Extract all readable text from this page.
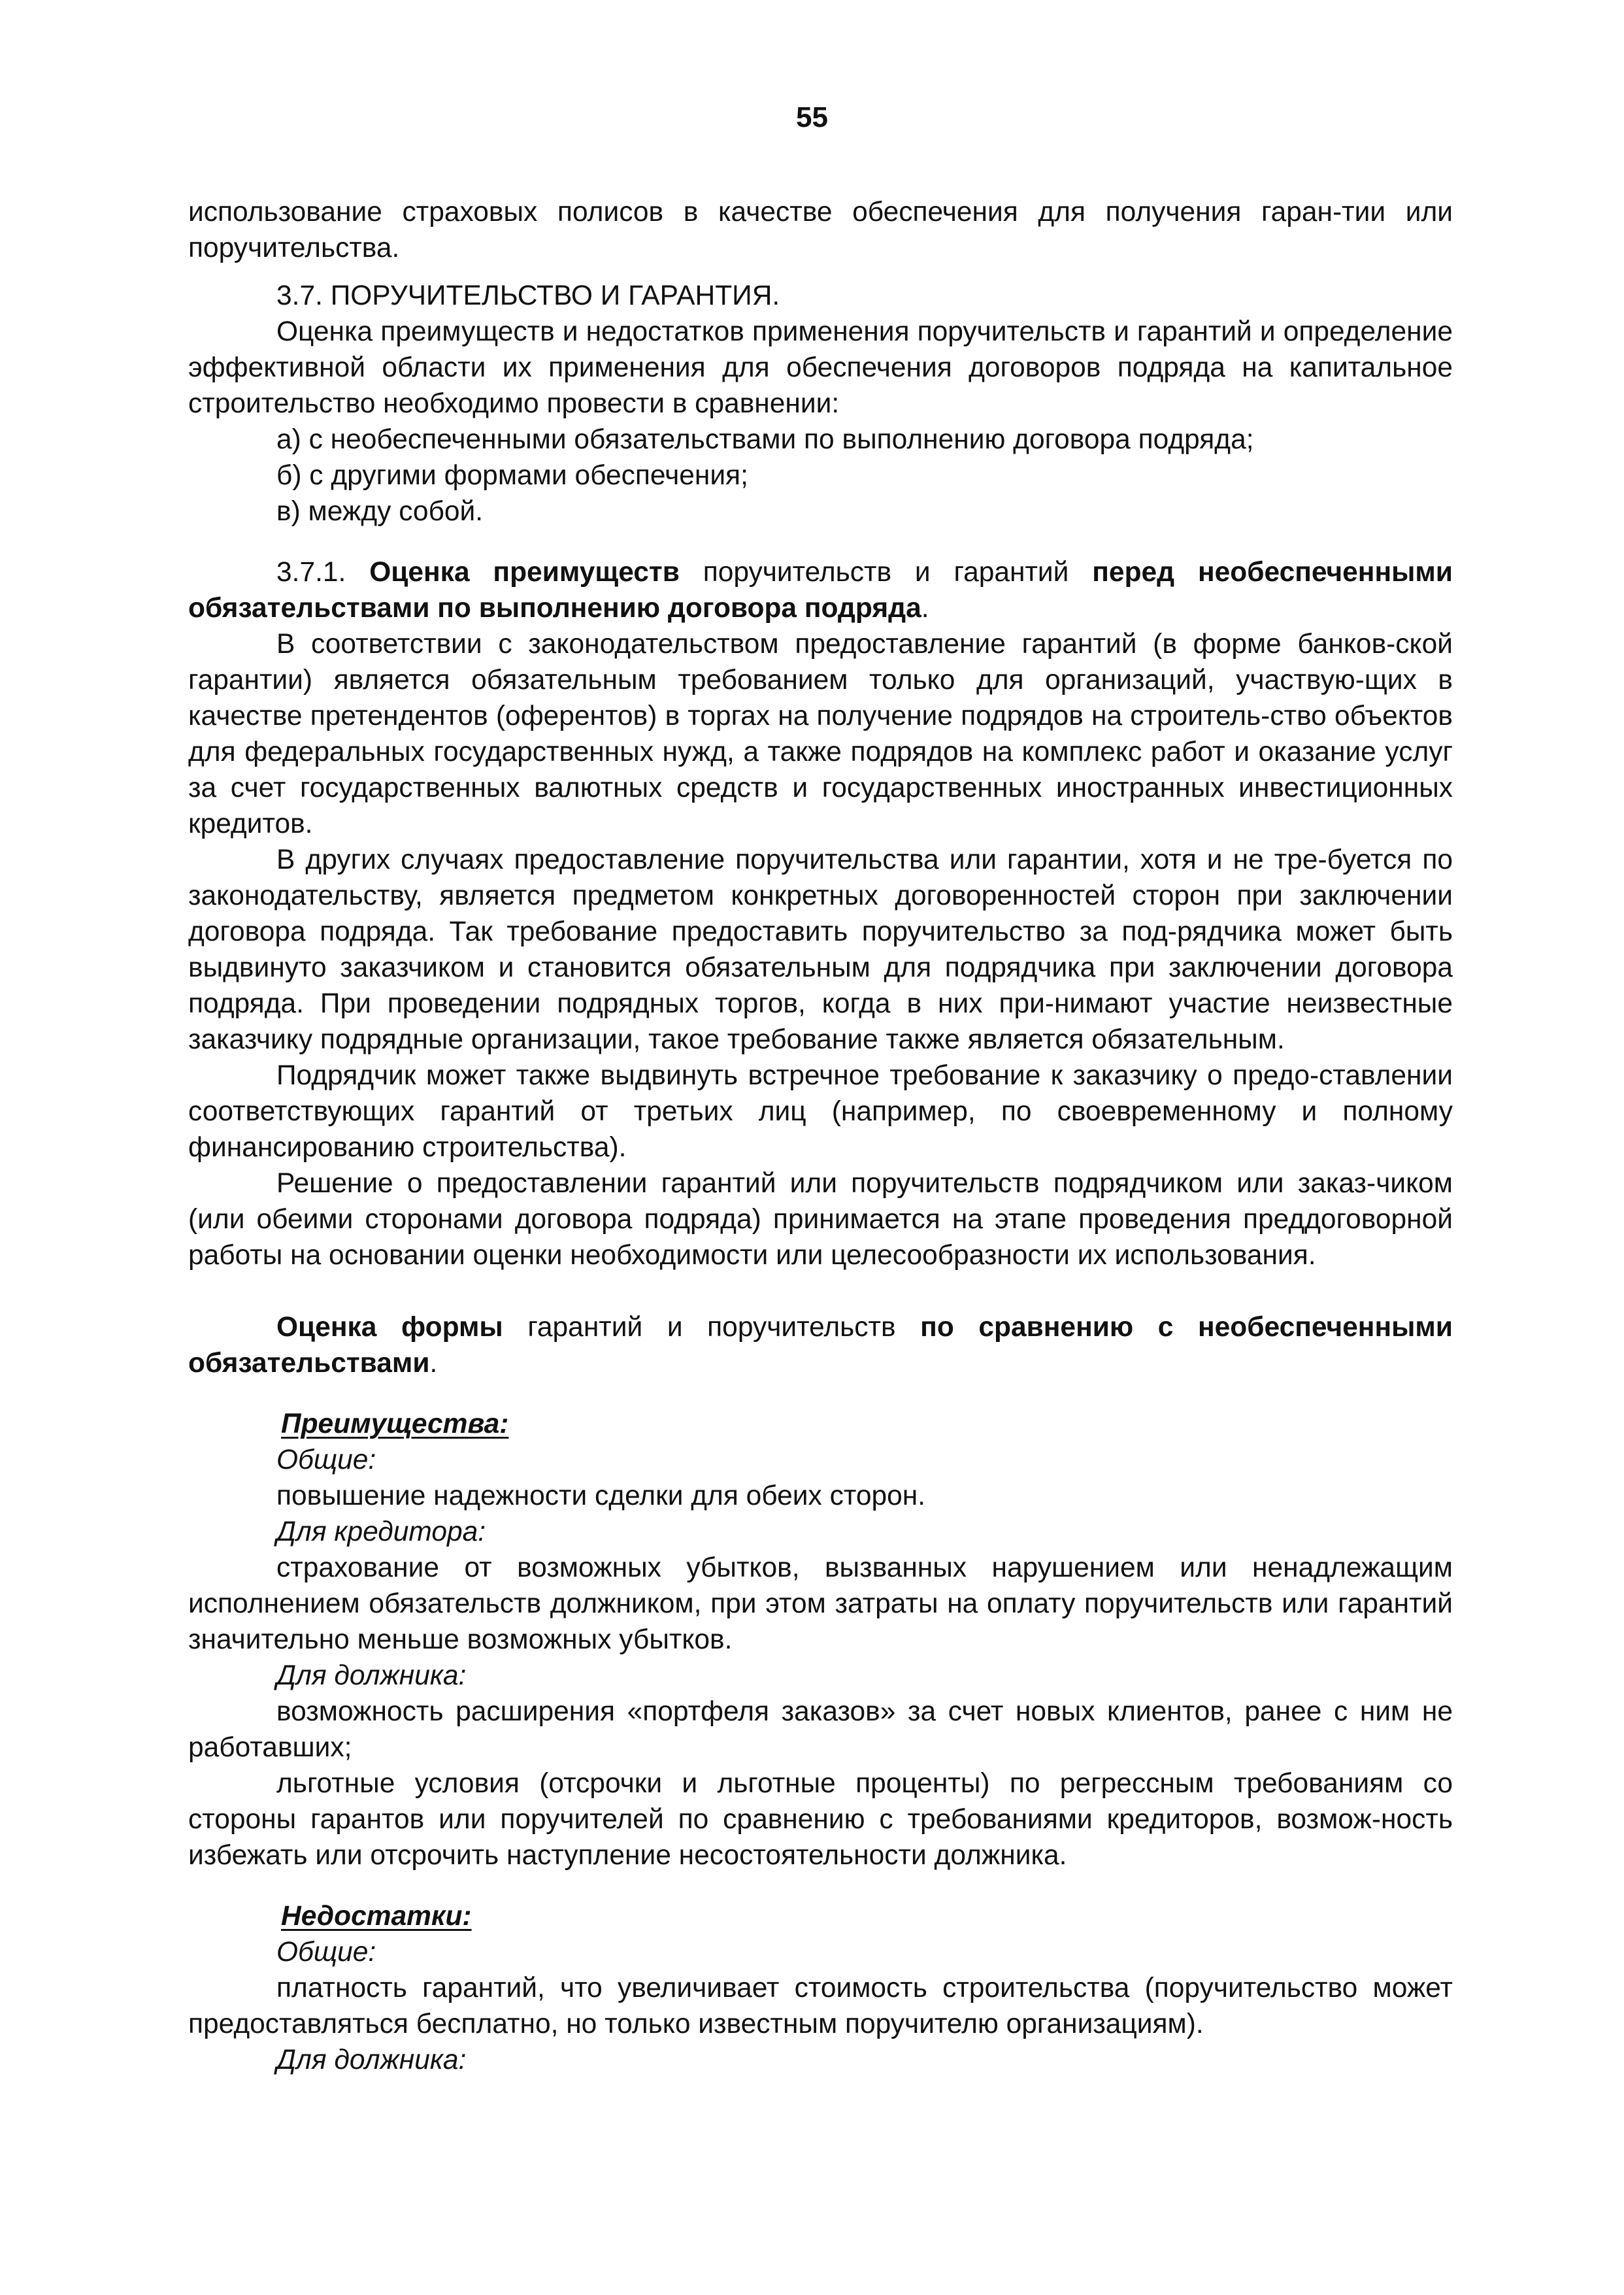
55

использование страховых полисов в качестве обеспечения для получения гаран-тии или поручительства.

3.7. ПОРУЧИТЕЛЬСТВО И ГАРАНТИЯ.

Оценка преимуществ и недостатков применения поручительств и гарантий и определение эффективной области их применения для обеспечения договоров подряда на капитальное строительство необходимо провести в сравнении:

а) с необеспеченными обязательствами по выполнению договора подряда;

б) с другими формами обеспечения;

в) между собой.

3.7.1. Оценка преимуществ поручительств и гарантий перед необеспеченными обязательствами по выполнению договора подряда.

В соответствии с законодательством предоставление гарантий (в форме банков-ской гарантии) является обязательным требованием только для организаций, участвую-щих в качестве претендентов (оферентов) в торгах на получение подрядов на строитель-ство объектов для федеральных государственных нужд, а также подрядов на комплекс работ и оказание услуг за счет государственных валютных средств и государственных иностранных инвестиционных кредитов.

В других случаях предоставление поручительства или гарантии, хотя и не тре-буется по законодательству, является предметом конкретных договоренностей сторон при заключении договора подряда. Так требование предоставить поручительство за под-рядчика может быть выдвинуто заказчиком и становится обязательным для подрядчика при заключении договора подряда. При проведении подрядных торгов, когда в них при-нимают участие неизвестные заказчику подрядные организации, такое требование также является обязательным.

Подрядчик может также выдвинуть встречное требование к заказчику о предо-ставлении соответствующих гарантий от третьих лиц (например, по своевременному и полному финансированию строительства).

Решение о предоставлении гарантий или поручительств подрядчиком или заказ-чиком (или обеими сторонами договора подряда) принимается на этапе проведения преддоговорной работы на основании оценки необходимости или целесообразности их использования.

Оценка формы гарантий и поручительств по сравнению с необеспеченными обязательствами.

Преимущества:

Общие:

повышение надежности сделки для обеих сторон.

Для кредитора:

страхование от возможных убытков, вызванных нарушением или ненадлежащим исполнением обязательств должником, при этом затраты на оплату поручительств или гарантий значительно меньше возможных убытков.

Для должника:

возможность расширения «портфеля заказов» за счет новых клиентов, ранее с ним не работавших;

льготные условия (отсрочки и льготные проценты) по регрессным требованиям со стороны гарантов или поручителей по сравнению с требованиями кредиторов, возмож-ность избежать или отсрочить наступление несостоятельности должника.

Недостатки:

Общие:

платность гарантий, что увеличивает стоимость строительства (поручительство может предоставляться бесплатно, но только известным поручителю организациям).

Для должника:
